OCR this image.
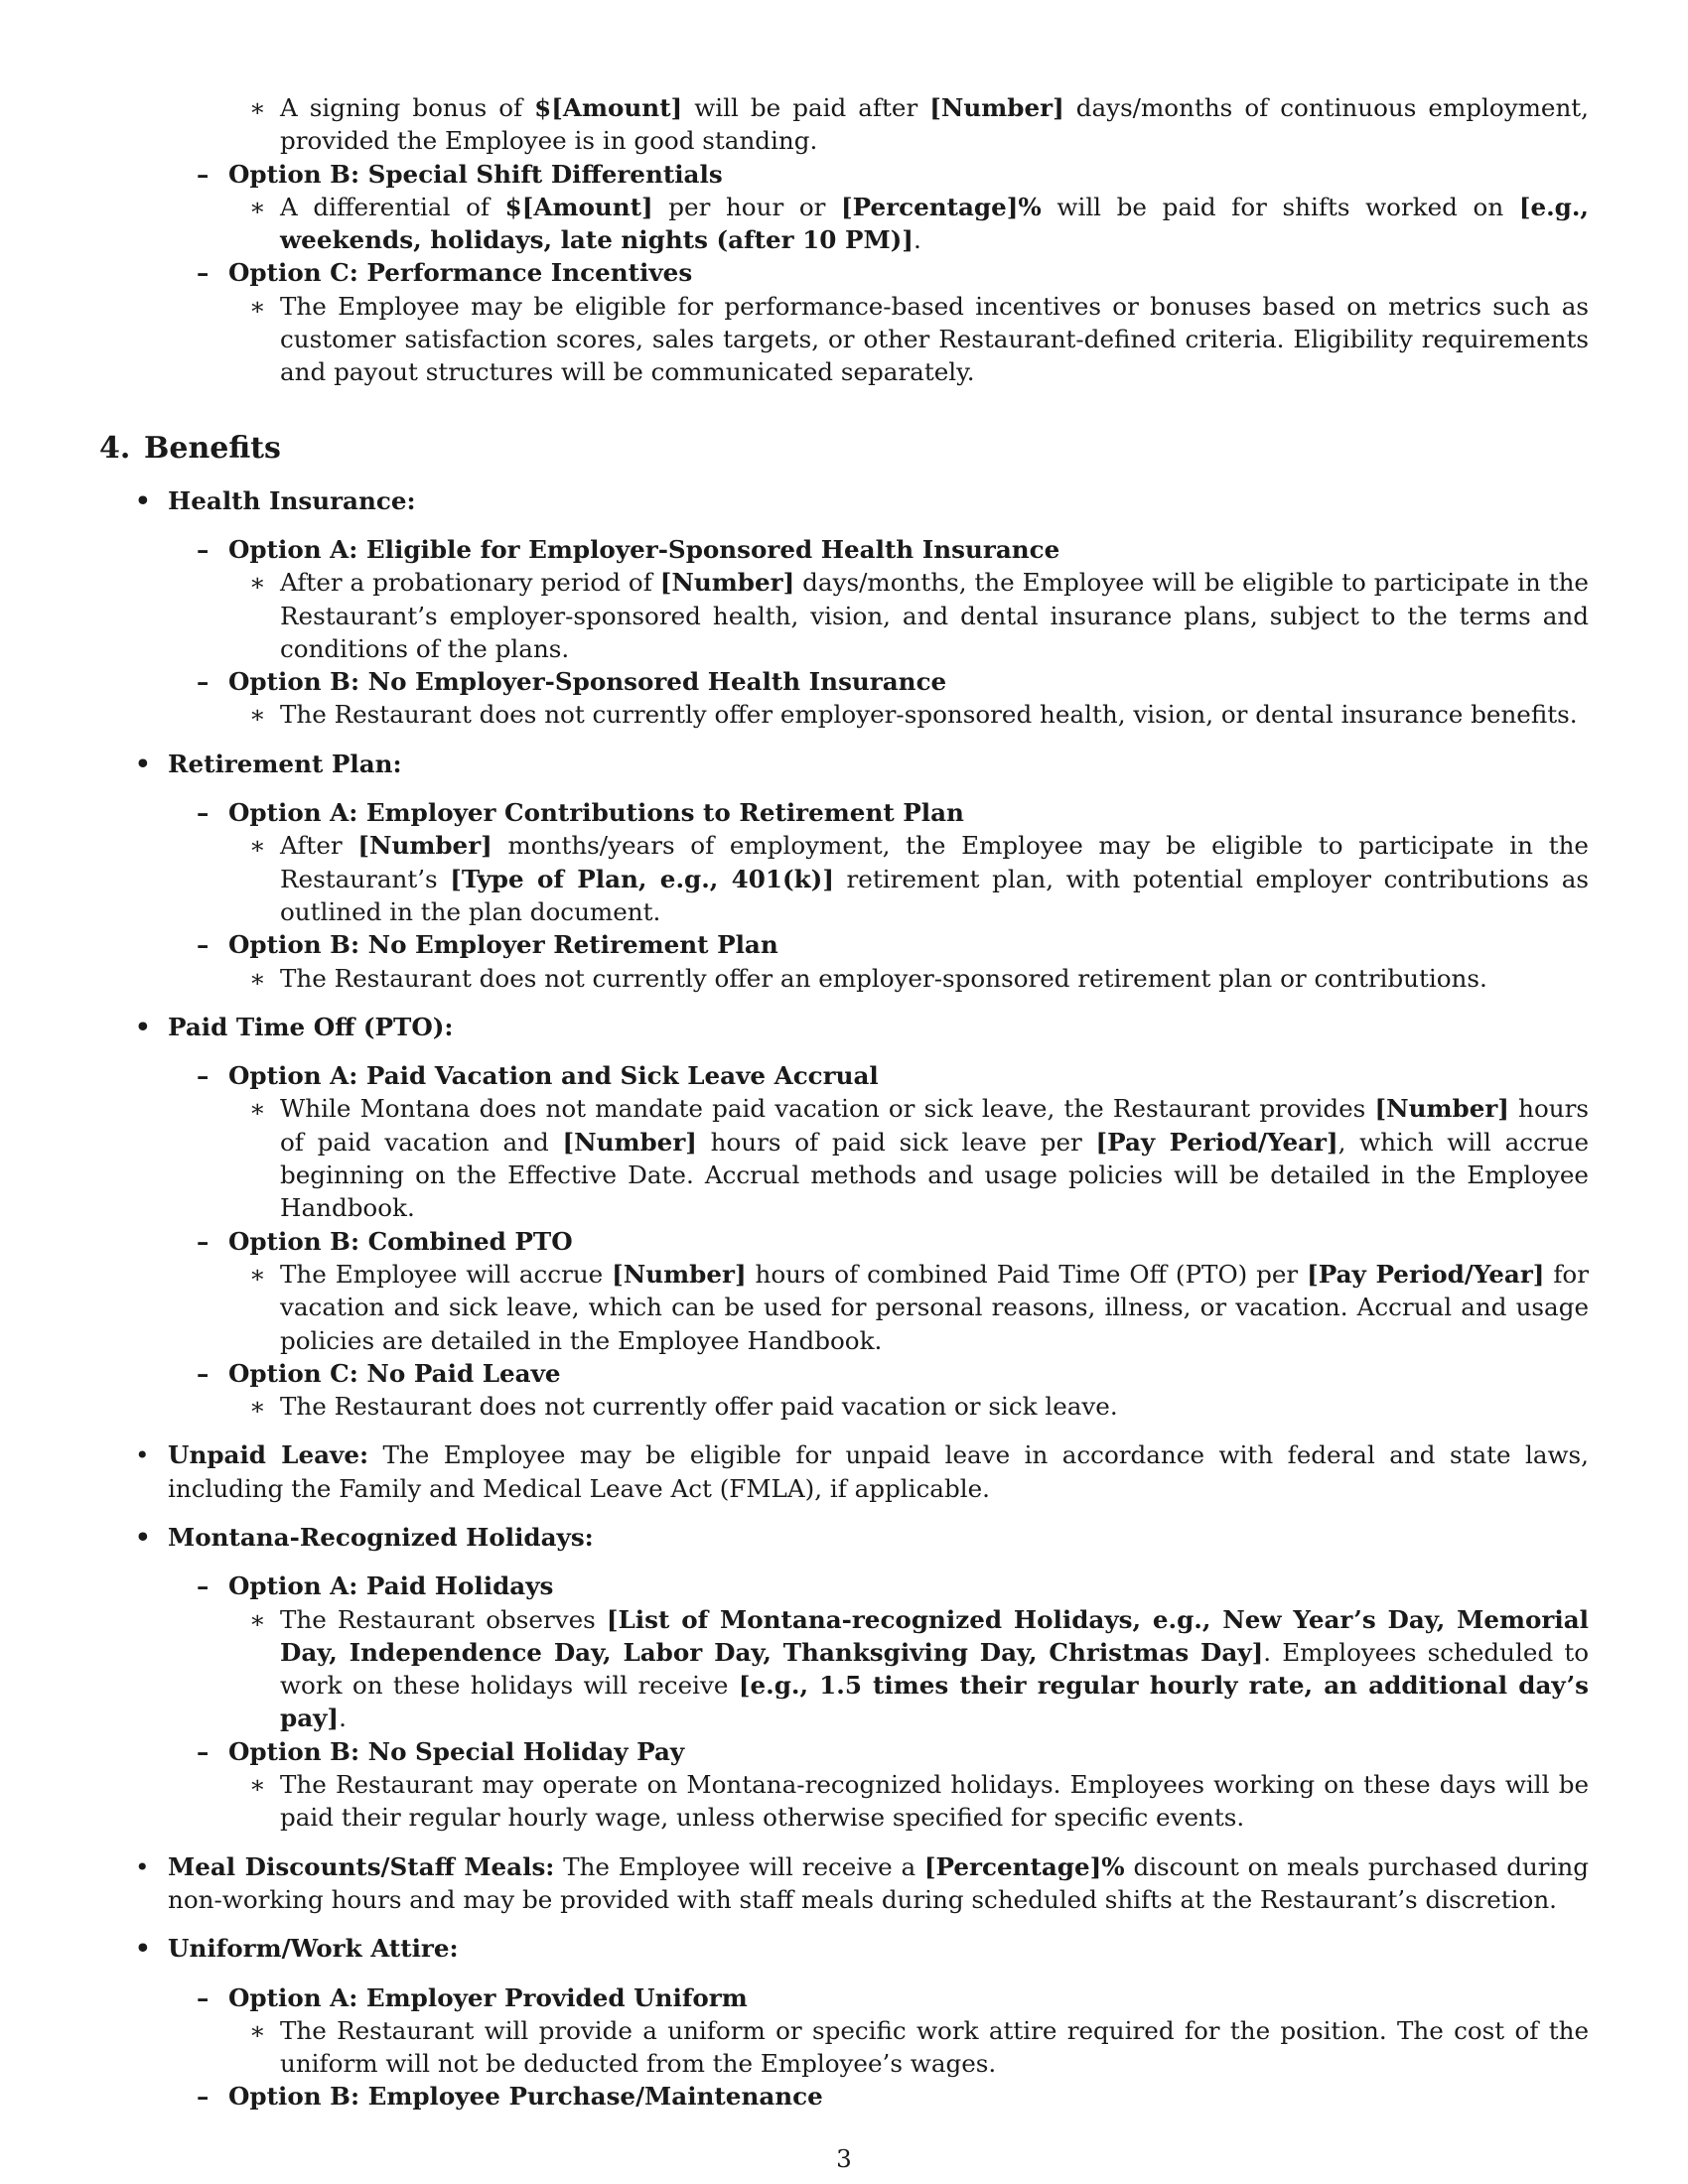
∗ A signing bonus of $[Amount] will be paid after [Number] days/months of continuous employment, provided the Employee is in good standing.
– Option B: Special Shift Differentials
∗ A differential of $[Amount] per hour or [Percentage]% will be paid for shifts worked on [e.g., weekends, holidays, late nights (after 10 PM)].
– Option C: Performance Incentives
∗ The Employee may be eligible for performance-based incentives or bonuses based on metrics such as customer satisfaction scores, sales targets, or other Restaurant-defined criteria. Eligibility requirements and payout structures will be communicated separately.
4. Benefits
• Health Insurance:
– Option A: Eligible for Employer-Sponsored Health Insurance
∗ After a probationary period of [Number] days/months, the Employee will be eligible to participate in the Restaurant’s employer-sponsored health, vision, and dental insurance plans, subject to the terms and conditions of the plans.
– Option B: No Employer-Sponsored Health Insurance
∗ The Restaurant does not currently offer employer-sponsored health, vision, or dental insurance benefits.
• Retirement Plan:
– Option A: Employer Contributions to Retirement Plan
∗ After [Number] months/years of employment, the Employee may be eligible to participate in the Restaurant’s [Type of Plan, e.g., 401(k)] retirement plan, with potential employer contributions as outlined in the plan document.
– Option B: No Employer Retirement Plan
∗ The Restaurant does not currently offer an employer-sponsored retirement plan or contributions.
• Paid Time Off (PTO):
– Option A: Paid Vacation and Sick Leave Accrual
∗ While Montana does not mandate paid vacation or sick leave, the Restaurant provides [Number] hours of paid vacation and [Number] hours of paid sick leave per [Pay Period/Year], which will accrue beginning on the Effective Date. Accrual methods and usage policies will be detailed in the Employee Handbook.
– Option B: Combined PTO
∗ The Employee will accrue [Number] hours of combined Paid Time Off (PTO) per [Pay Period/Year] for vacation and sick leave, which can be used for personal reasons, illness, or vacation. Accrual and usage policies are detailed in the Employee Handbook.
– Option C: No Paid Leave
∗ The Restaurant does not currently offer paid vacation or sick leave.
• Unpaid Leave: The Employee may be eligible for unpaid leave in accordance with federal and state laws, including the Family and Medical Leave Act (FMLA), if applicable.
• Montana-Recognized Holidays:
– Option A: Paid Holidays
∗ The Restaurant observes [List of Montana-recognized Holidays, e.g., New Year’s Day, Memorial Day, Independence Day, Labor Day, Thanksgiving Day, Christmas Day]. Employees scheduled to work on these holidays will receive [e.g., 1.5 times their regular hourly rate, an additional day’s pay].
– Option B: No Special Holiday Pay
∗ The Restaurant may operate on Montana-recognized holidays. Employees working on these days will be paid their regular hourly wage, unless otherwise specified for specific events.
• Meal Discounts/Staff Meals: The Employee will receive a [Percentage]% discount on meals purchased during non-working hours and may be provided with staff meals during scheduled shifts at the Restaurant’s discretion.
• Uniform/Work Attire:
– Option A: Employer Provided Uniform
∗ The Restaurant will provide a uniform or specific work attire required for the position. The cost of the uniform will not be deducted from the Employee’s wages.
– Option B: Employee Purchase/Maintenance
3
